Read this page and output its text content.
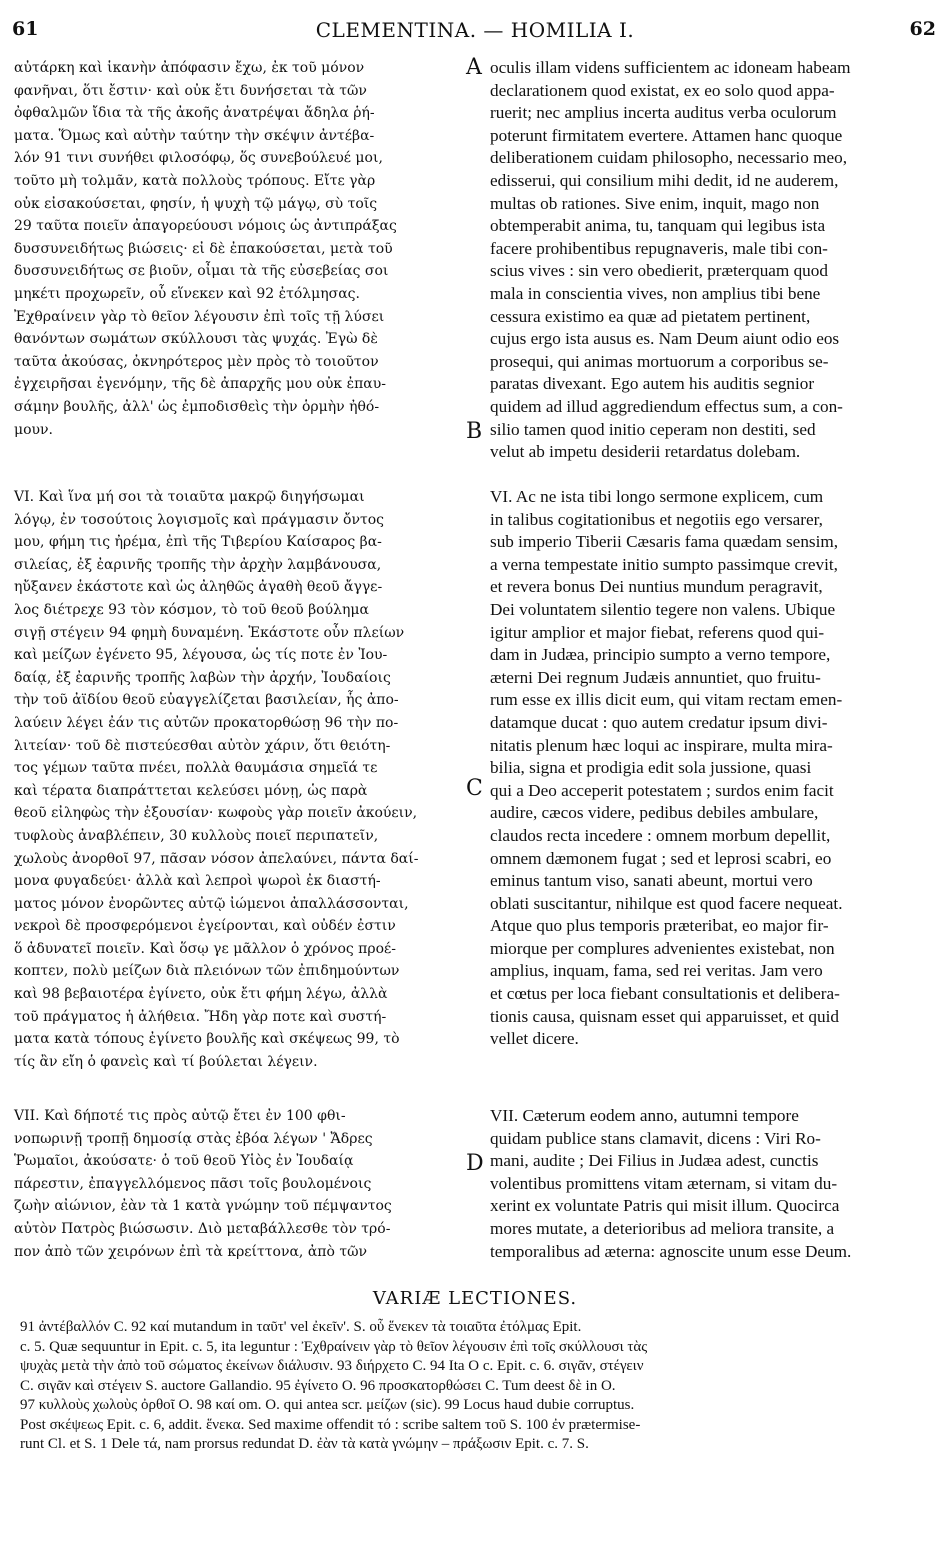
61	CLEMENTINA. — HOMILIA I.	62

αὐτάρκη καὶ ἱκανὴν ἀπόφασιν ἔχω, ἐκ τοῦ μόνον
φανῆναι, ὅτι ἔστιν· καὶ οὐκ ἔτι δυνήσεται τὰ τῶν
ὀφθαλμῶν ἴδια τὰ τῆς ἀκοῆς ἀνατρέψαι ἄδηλα ῥή-
ματα. Ὅμως καὶ αὐτὴν ταύτην τὴν σκέψιν ἀντέβα-
λόν 91 τινι συνήθει φιλοσόφῳ, ὅς συνεβούλευέ μοι,
τοῦτο μὴ τολμᾶν, κατὰ πολλοὺς τρόπους. Εἴτε γὰρ
οὐκ εἰσακούσεται, φησίν, ἡ ψυχὴ τῷ μάγῳ, σὺ τοῖς
29 ταῦτα ποιεῖν ἀπαγορεύουσι νόμοις ὡς ἀντιπράξας
δυσσυνειδήτως βιώσεις· εἰ δὲ ἐπακούσεται, μετὰ τοῦ
δυσσυνειδήτως σε βιοῦν, οἶμαι τὰ τῆς εὐσεβείας σοι
μηκέτι προχωρεῖν, οὗ εἵνεκεν καὶ 92 ἐτόλμησας.
Ἐχθραίνειν γὰρ τὸ θεῖον λέγουσιν ἐπὶ τοῖς τῇ λύσει
θανόντων σωμάτων σκύλλουσι τὰς ψυχάς. Ἐγὼ δὲ
ταῦτα ἀκούσας, ὀκνηρότερος μὲν πρὸς τὸ τοιοῦτον
ἐγχειρῆσαι ἐγενόμην, τῆς δὲ ἀπαρχῆς μου οὐκ ἐπαυ-
σάμην βουλῆς, ἀλλ' ὡς ἐμποδισθεὶς τὴν ὁρμὴν ἠθό-
μουν.

oculis illam videns sufficientem ac idoneam habeam
declarationem quod existat, ex eo solo quod appa-
ruerit; nec amplius incerta auditus verba oculorum
poterunt firmitatem evertere. Attamen hanc quoque
deliberationem cuidam philosopho, necessario meo,
edisserui, qui consilium mihi dedit, id ne auderem,
multas ob rationes. Sive enim, inquit, mago non
obtemperabit anima, tu, tanquam qui legibus ista
facere prohibentibus repugnaveris, male tibi con-
scius vives : sin vero obedierit, præterquam quod
mala in conscientia vives, non amplius tibi bene
cessura existimo ea quæ ad pietatem pertinent,
cujus ergo ista ausus es. Nam Deum aiunt odio eos
prosequi, qui animas mortuorum a corporibus se-
paratas divexant. Ego autem his auditis segnior
quidem ad illud aggrediendum effectus sum, a con-
silio tamen quod initio ceperam non destiti, sed
velut ab impetu desiderii retardatus dolebam.

A
B

VI. Καὶ ἵνα μή σοι τὰ τοιαῦτα μακρῷ διηγήσωμαι
λόγῳ, ἐν τοσούτοις λογισμοῖς καὶ πράγμασιν ὄντος
μου, φήμη τις ἠρέμα, ἐπὶ τῆς Τιβερίου Καίσαρος βα-
σιλείας, ἐξ ἐαρινῆς τροπῆς τὴν ἀρχὴν λαμβάνουσα,
ηὔξανεν ἑκάστοτε καὶ ὡς ἀληθῶς ἀγαθὴ θεοῦ ἄγγε-
λος διέτρεχε 93 τὸν κόσμον, τὸ τοῦ θεοῦ βούλημα
σιγῇ στέγειν 94 φημὴ δυναμένη. Ἑκάστοτε οὖν πλείων
καὶ μείζων ἐγένετο 95, λέγουσα, ὡς τίς ποτε ἐν Ἰου-
δαίᾳ, ἐξ ἐαρινῆς τροπῆς λαβὼν τὴν ἀρχήν, Ἰουδαίοις
τὴν τοῦ ἀϊδίου θεοῦ εὐαγγελίζεται βασιλείαν, ἧς ἀπο-
λαύειν λέγει ἐάν τις αὐτῶν προκατορθώσῃ 96 τὴν πο-
λιτείαν· τοῦ δὲ πιστεύεσθαι αὐτὸν χάριν, ὅτι θειότη-
τος γέμων ταῦτα πνέει, πολλὰ θαυμάσια σημεῖά τε
καὶ τέρατα διαπράττεται κελεύσει μόνῃ, ὡς παρὰ
θεοῦ εἰληφὼς τὴν ἐξουσίαν· κωφοὺς γὰρ ποιεῖν ἀκούειν,
τυφλοὺς ἀναβλέπειν, 30 κυλλοὺς ποιεῖ περιπατεῖν,
χωλοὺς ἀνορθοῖ 97, πᾶσαν νόσον ἀπελαύνει, πάντα δαί-
μονα φυγαδεύει· ἀλλὰ καὶ λεπροὶ ψωροὶ ἐκ διαστή-
ματος μόνον ἐνορῶντες αὐτῷ ἰώμενοι ἀπαλλάσσονται,
νεκροὶ δὲ προσφερόμενοι ἐγείρονται, καὶ οὐδέν ἐστιν
ὅ ἀδυνατεῖ ποιεῖν. Καὶ ὅσῳ γε μᾶλλον ὁ χρόνος προέ-
κοπτεν, πολὺ μείζων διὰ πλειόνων τῶν ἐπιδημούντων
καὶ 98 βεβαιοτέρα ἐγίνετο, οὐκ ἔτι φήμη λέγω, ἀλλὰ
τοῦ πράγματος ἡ ἀλήθεια. Ἤδη γὰρ ποτε καὶ συστή-
ματα κατὰ τόπους ἐγίνετο βουλῆς καὶ σκέψεως 99, τὸ
τίς ἂν εἴη ὁ φανεὶς καὶ τί βούλεται λέγειν.

VI. Ac ne ista tibi longo sermone explicem, cum
in talibus cogitationibus et negotiis ego versarer,
sub imperio Tiberii Cæsaris fama quædam sensim,
a verna tempestate initio sumpto passimque crevit,
et revera bonus Dei nuntius mundum peragravit,
Dei voluntatem silentio tegere non valens. Ubique
igitur amplior et major fiebat, referens quod qui-
dam in Judæa, principio sumpto a verno tempore,
æterni Dei regnum Judæis annuntiet, quo fruitu-
rum esse ex illis dicit eum, qui vitam rectam emen-
datamque ducat : quo autem credatur ipsum divi-
nitatis plenum hæc loqui ac inspirare, multa mira-
bilia, signa et prodigia edit sola jussione, quasi
qui a Deo acceperit potestatem ; surdos enim facit
audire, cæcos videre, pedibus debiles ambulare,
claudos recta incedere : omnem morbum depellit,
omnem dæmonem fugat ; sed et leprosi scabri, eo
eminus tantum viso, sanati abeunt, mortui vero
oblati suscitantur, nihilque est quod facere nequeat.
Atque quo plus temporis præteribat, eo major fir-
miorque per complures advenientes existebat, non
amplius, inquam, fama, sed rei veritas. Jam vero
et cœtus per loca fiebant consultationis et delibera-
tionis causa, quisnam esset qui apparuisset, et quid
vellet dicere.

C

VII. Καὶ δήποτέ τις πρὸς αὐτῷ ἔτει ἐν 100 φθι-
νοπωρινῇ τροπῇ δημοσίᾳ στὰς ἐβόα λέγων ' Ἄδρες
Ῥωμαῖοι, ἀκούσατε· ὁ τοῦ θεοῦ Υἱὸς ἐν Ἰουδαίᾳ
πάρεστιν, ἐπαγγελλόμενος πᾶσι τοῖς βουλομένοις
ζωὴν αἰώνιον, ἐὰν τὰ 1 κατὰ γνώμην τοῦ πέμψαντος
αὐτὸν Πατρὸς βιώσωσιν. Διὸ μεταβάλλεσθε τὸν τρό-
πον ἀπὸ τῶν χειρόνων ἐπὶ τὰ κρείττονα, ἀπὸ τῶν

VII. Cæterum eodem anno, autumni tempore
quidam publice stans clamavit, dicens : Viri Ro-
mani, audite ; Dei Filius in Judæa adest, cunctis
volentibus promittens vitam æternam, si vitam du-
xerint ex voluntate Patris qui misit illum. Quocirca
mores mutate, a deterioribus ad meliora transite, a
temporalibus ad æterna: agnoscite unum esse Deum.

D
VARIÆ LECTIONES.

91 ἀντέβαλλόν C. 92 καί mutandum in ταῦτ' vel ἐκεῖν'. S. οὗ ἕνεκεν τὰ τοιαῦτα ἐτόλμας Epit.
c. 5. Quæ sequuntur in Epit. c. 5, ita leguntur : Ἐχθραίνειν γὰρ τὸ θεῖον λέγουσιν ἐπὶ τοῖς σκύλλουσι τὰς
ψυχὰς μετὰ τὴν ἀπὸ τοῦ σώματος ἐκείνων διάλυσιν. 93 διήρχετο C. 94 Ita O c. Epit. c. 6. σιγᾶν, στέγειν
C. σιγᾶν καὶ στέγειν S. auctore Gallandio. 95 ἐγίνετο O. 96 προσκατορθώσει C. Tum deest δὲ in O.
97 κυλλοὺς χωλοὺς ὀρθοῖ O. 98 καί om. O. qui antea scr. μείζων (sic). 99 Locus haud dubie corruptus.
Post σκέψεως Epit. c. 6, addit. ἕνεκα. Sed maxime offendit τό : scribe saltem τοῦ S. 100 ἐν prætermise-
runt Cl. et S. 1 Dele τά, nam prorsus redundat D. ἐὰν τὰ κατὰ γνώμην – πράξωσιν Epit. c. 7. S.
